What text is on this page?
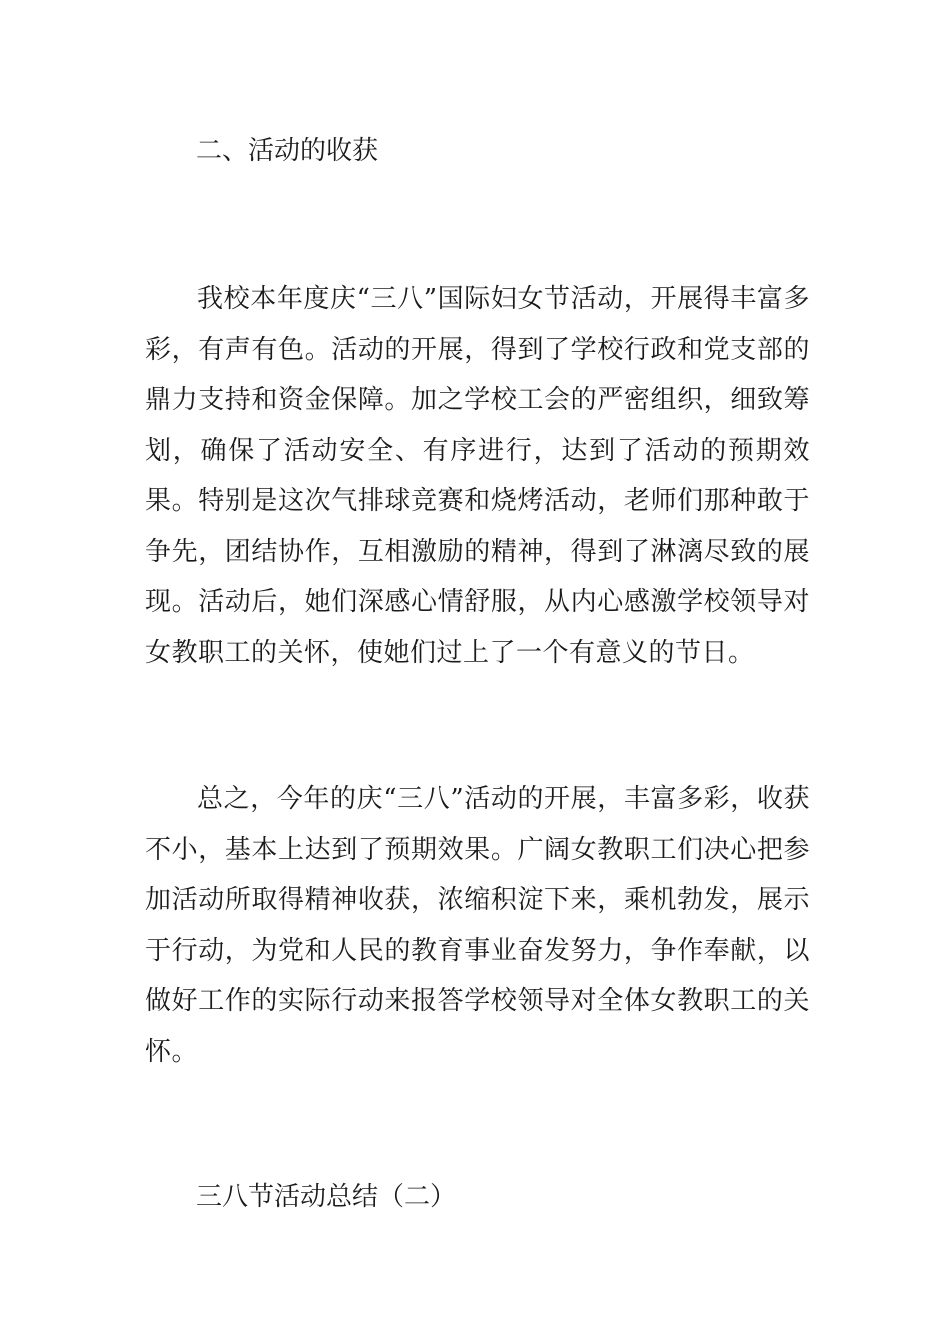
二、活动的收获

我校本年度庆“三八”国际妇女节活动，开展得丰富多彩，有声有色。活动的开展，得到了学校行政和党支部的鼎力支持和资金保障。加之学校工会的严密组织，细致筹划，确保了活动安全、有序进行，达到了活动的预期效果。特别是这次气排球竞赛和烧烤活动，老师们那种敢于争先，团结协作，互相激励的精神，得到了淋漓尽致的展现。活动后，她们深感心情舒服，从内心感激学校领导对女教职工的关怀，使她们过上了一个有意义的节日。

总之，今年的庆“三八”活动的开展，丰富多彩，收获不小，基本上达到了预期效果。广阔女教职工们决心把参加活动所取得精神收获，浓缩积淀下来，乘机勃发，展示于行动，为党和人民的教育事业奋发努力，争作奉献，以做好工作的实际行动来报答学校领导对全体女教职工的关怀。

三八节活动总结（二）
